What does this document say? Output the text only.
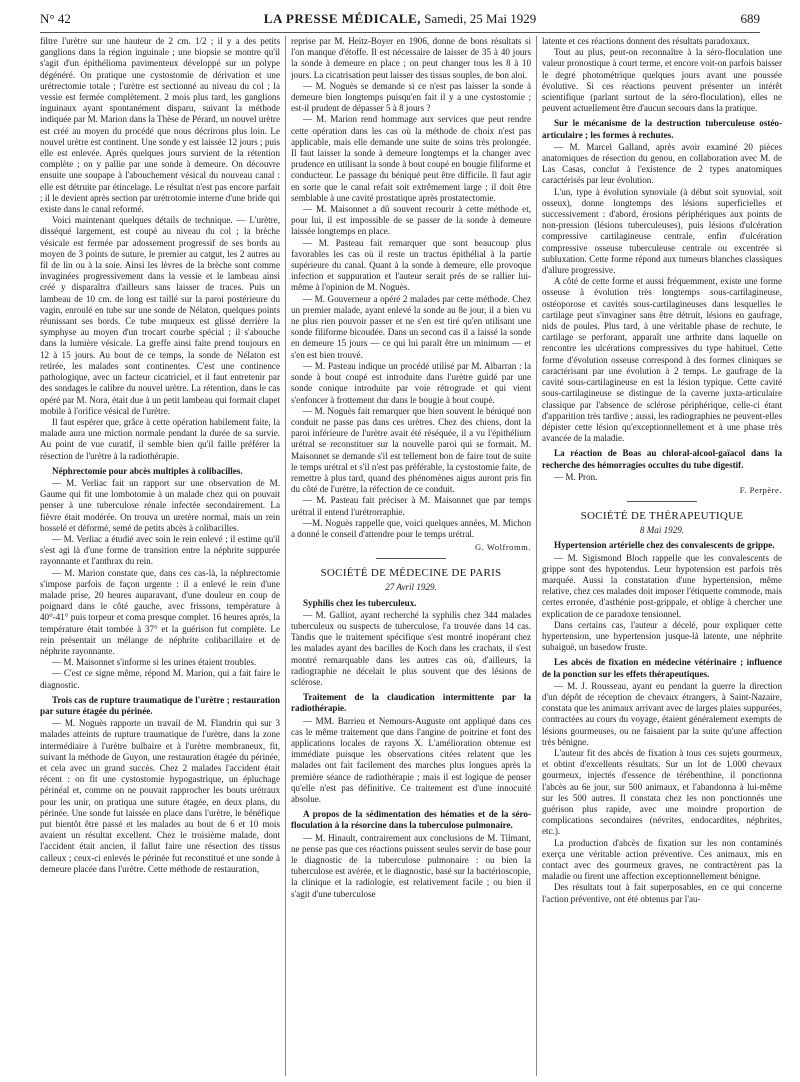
N° 42	LA PRESSE MÉDICALE, Samedi, 25 Mai 1929	689

filtre l'urètre sur une hauteur de 2 cm. 1/2 ; il y a des petits ganglions dans la région inguinale ; une biopsie se montre qu'il s'agit d'un épithélioma pavimenteux développé sur un polype dégénéré. On pratique une cystostomie de dérivation et une urétrectomie totale ; l'urètre est sectionné au niveau du col ; la vessie est fermée complètement. 2 mois plus tard, les ganglions inguinaux ayant spontanément disparu, suivant la méthode indiquée par M. Marion dans la Thèse de Pérard, un nouvel urètre est créé au moyen du procédé que nous décrirons plus loin. Le nouvel urètre est continent. Une sonde y est laissée 12 jours ; puis elle est enlevée. Après quelques jours survient de la rétention complète ; on y pallie par une sonde à demeure. On découvre ensuite une soupape à l'abouchement vésical du nouveau canal : elle est détruite par étincelage. Le résultat n'est pas encore parfait ; il le devient après section par urétrotomie interne d'une bride qui existe dans le canal reformé.

Voici maintenant quelques détails de technique. — L'urètre, disséqué largement, est coupé au niveau du col ; la brèche vésicale est fermée par adossement progressif de ses bords au moyen de 3 points de suture, le premier au catgut, les 2 autres au fil de lin ou à la soie. Ainsi les lèvres de la brèche sont comme invaginées progressivement dans la vessie et le lambeau ainsi créé y disparaîtra d'ailleurs sans laisser de traces. Puis un lambeau de 10 cm. de long est taillé sur la paroi postérieure du vagin, enroulé en tube sur une sonde de Nélaton, quelques points réunissant ses bords. Ce tube muqueux est glissé derrière la symphyse au moyen d'un trocart courbe spécial ; il s'abouche dans la lumière vésicale. La greffe ainsi faite prend toujours en 12 à 15 jours. Au bout de ce temps, la sonde de Nélaton est retirée, les malades sont continentes. C'est une continence pathologique, avec un facteur cicatriciel, et il faut entretenir par des sondages le calibre du nouvel urètre. La rétention, dans le cas opéré par M. Nora, était due à un petit lambeau qui formait clapet mobile à l'orifice vésical de l'urètre.

Il faut espérer que, grâce à cette opération habilement faite, la malade aura une miction normale pendant la durée de sa survie. Au point de vue curatif, il semble bien qu'il faille préférer la résection de l'urètre à la radiothérapie.

Néphrectomie pour abcès multiples à colibacilles.

— M. Verliac fait un rapport sur une observation de M. Gaume qui fit une lombotomie à un malade chez qui on pouvait penser à une tuberculose rénale infectée secondairement. La fièvre était modérée. On trouva un uretère normal, mais un rein bosselé et déformé, semé de petits abcès à colibacilles.

— M. Verliac a étudié avec soin le rein enlevé ; il estime qu'il s'est agi là d'une forme de transition entre la néphrite suppurée rayonnante et l'anthrax du rein.

— M. Marion constate que, dans ces cas-là, la néphrectomie s'impose parfois de façon urgente : il a enlevé le rein d'une malade prise, 20 heures auparavant, d'une douleur en coup de poignard dans le côté gauche, avec frissons, température à 40°-41° puis torpeur et coma presque complet. 16 heures après, la température était tombée à 37° et la guérison fut complète. Le rein présentait un mélange de néphrite colibacillaire et de néphrite rayonnante.

— M. Maisonnet s'informe si les urines étaient troubles.

— C'est ce signe même, répond M. Marion, qui a fait faire le diagnostic.

Trois cas de rupture traumatique de l'urètre ; restauration par suture étagée du périnée.

— M. Noguès rapporte un travail de M. Flandrin qui sur 3 malades atteints de rupture traumatique de l'urètre, dans la zone intermédiaire à l'urètre bulbaire et à l'urètre membraneux, fit, suivant la méthode de Guyon, une restauration étagée du périnée, et cela avec un grand succès. Chez 2 malades l'accident était récent : on fit une cystostomie hypogastrique, un épluchage périnéal et, comme on ne pouvait rapprocher les bouts urétraux pour les unir, on pratiqua une suture étagée, en deux plans, du périnée. Une sonde fut laissée en place dans l'urètre, le bénéfique put bientôt être passé et les malades au bout de 6 et 10 mois avaient un résultat excellent. Chez le troisième malade, dont l'accident était ancien, il fallut faire une résection des tissus calleux ; ceux-ci enlevés le périnée fut reconstitué et une sonde à demeure placée dans l'urètre. Cette méthode de restauration,

reprise par M. Heitz-Boyer en 1906, donne de bons résultats si l'on manque d'étoffe. Il est nécessaire de laisser de 35 à 40 jours la sonde à demeure en place ; on peut changer tous les 8 à 10 jours. La cicatrisation peut laisser des tissus souples, de bon aloi.

— M. Noguès se demande si ce n'est pas laisser la sonde à demeure bien longtemps puisqu'en fait il y a une cystostomie ; est-il prudent de dépasser 5 à 8 jours ?

— M. Marion rend hommage aux services que peut rendre cette opération dans les cas où la méthode de choix n'est pas applicable, mais elle demande une suite de soins très prolongée. Il faut laisser la sonde à demeure longtemps et la changer avec prudence en utilisant la sonde à bout coupé en bougie filiforme et conducteur. Le passage du béniqué peut être difficile. Il faut agir en sorte que le canal refait soit extrêmement large ; il doit être semblable à une cavité prostatique après prostatectomie.

— M. Maisonnet a dû souvent recourir à cette méthode et, pour lui, il est impossible de se passer de la sonde à demeure laissée longtemps en place.

— M. Pasteau fait remarquer que sont beaucoup plus favorables les cas où il reste un tractus épithélial à la partie supérieure du canal. Quant à la sonde à demeure, elle provoque infection et suppuration et l'auteur serait prés de se rallier lui-même à l'opinion de M. Noguès.

— M. Gouverneur a opéré 2 malades par cette méthode. Chez un premier malade, ayant enlevé la sonde au 8e jour, il a bien vu ne plus rien pouvoir passer et ne s'en est tiré qu'en utilisant une sonde filiforme bicoudée. Dans un second cas il a laissé la sonde en demeure 15 jours — ce qui lui paraît être un minimum — et s'en est bien trouvé.

— M. Pasteau indique un procédé utilisé par M. Albarran : la sonde à bout coupé est introduite dans l'urètre guidé par une sonde conique introduite par voie rétrograde et qui vient s'enfoncer à frottement dur dans le bougie à bout coupé.

— M. Noguès fait remarquer que bien souvent le béniqué non conduit ne passe pas dans ces urètres. Chez des chiens, dont la paroi inférieure de l'urètre avait été réséquée, il a vu l'épithélium urétral se reconstituer sur la nouvelle paroi qui se formait. M. Maisonnet se demande s'il est tellement bon de faire tout de suite le temps urétral et s'il n'est pas préférable, la cystostomie faite, de remettre à plus tard, quand des phénomènes aigus auront pris fin du côté de l'urètre, la réfection de ce conduit.

— M. Pasteau fait préciser à M. Maisonnet que par temps urétral il entend l'urétrorraphie.

—M. Noguès rappelle que, voici quelques années, M. Michon a donné le conseil d'attendre pour le temps urétral.

G. Wolfromm.
SOCIÉTÉ DE MÉDECINE DE PARIS
27 Avril 1929.
Syphilis chez les tuberculeux.

— M. Galliot, ayant recherché la syphilis chez 344 malades tuberculeux ou suspects de tuberculose, l'a trouvée dans 14 cas. Tandis que le traitement spécifique s'est montré inopérant chez les malades ayant des bacilles de Koch dans les crachats, il s'est montré remarquable dans les autres cas où, d'ailleurs, la radiographie ne décelait le plus souvent que des lésions de sclérose.

Traitement de la claudication intermittente par la radiothérapie.

— MM. Barrieu et Nemours-Auguste ont appliqué dans ces cas le même traitement que dans l'angine de poitrine et font des applications locales de rayons X. L'amélioration obtenue est immédiate puisque les observations citées relatent que les malades ont fait facilement des marches plus longues après la première séance de radiothérapie ; mais il est logique de penser qu'elle n'est pas définitive. Ce traitement est d'une innocuité absolue.

A propos de la sédimentation des hématies et de la séro-floculation à la résorcine dans la tuberculose pulmonaire.

— M. Hinault, contrairement aux conclusions de M. Tilmant, ne pense pas que ces réactions puissent seules servir de base pour le diagnostic de la tuberculose pulmonaire : ou bien la tuberculose est avérée, et le diagnostic, basé sur la bactérioscopie, la clinique et la radiologie, est relativement facile ; ou bien il s'agit d'une tuberculose

latente et ces réactions donnent des résultats paradoxaux.

Tout au plus, peut-on reconnaître à la séro-floculation une valeur pronostique à court terme, et encore voit-on parfois baisser le degré photométrique quelques jours avant une poussée évolutive. Si ces réactions peuvent présenter un intérêt scientifique (parlant surtout de la séro-floculation), elles ne peuvent actuellement être d'aucun secours dans la pratique.

Sur le mécanisme de la destruction tuberculeuse ostéo-articulaire ; les formes à rechutes.

— M. Marcel Galland, après avoir examiné 20 pièces anatomiques de résection du genou, en collaboration avec M. de Las Casas, conclut à l'existence de 2 types anatomiques caractérisés par leur évolution.

L'un, type à évolution synoviale (à début soit synovial, soit osseux), donne longtemps des lésions superficielles et successivement : d'abord, érosions périphériques aux points de non-pression (lésions tuberculeuses), puis lésions d'ulcération compressive cartilagineuse centrale, enfin d'ulcération compressive osseuse tuberculeuse centrale ou excentrée si subluxation. Cette forme répond aux tumeurs blanches classiques d'allure progressive.

A côté de cette forme et aussi fréquemment, existe une forme osseuse à évolution très longtemps sous-cartilagineuse, ostéoporose et cavités sous-cartilagineuses dans lesquelles le cartilage peut s'invaginer sans être détruit, lésions en gaufrage, nids de poules. Plus tard, à une véritable phase de rechute, le cartilage se perforant, apparaît une arthrite dans laquelle on rencontre les ulcérations compressives du type habituel. Cette forme d'évolution osseuse correspond à des formes cliniques se caractérisant par une évolution à 2 temps. Le gaufrage de la cavité sous-cartilagineuse en est la lésion typique. Cette cavité sous-cartilagineuse se distingue de la caverne juxta-articulaire classique par l'absence de sclérose périphérique, celle-ci étant d'apparition très tardive ; aussi, les radiographies ne peuvent-elles dépister cette lésion qu'exceptionnellement et à une phase très avancée de la maladie.

La réaction de Boas au chloral-alcool-gaïacol dans la recherche des hémorragies occultes du tube digestif.

— M. Pron.

F. Perpère.
SOCIÉTÉ DE THÉRAPEUTIQUE
8 Mai 1929.
Hypertension artérielle chez des convalescents de grippe.

— M. Sigismond Bloch rappelle que les convalescents de grippe sont des hypotendus. Leur hypotension est parfois très marquée. Aussi la constatation d'une hypertension, même relative, chez ces malades doit imposer l'étiquette commode, mais certes erronée, d'asthénie post-grippale, et oblige à chercher une explication de ce paradoxe tensionnel.

Dans certains cas, l'auteur a décelé, pour expliquer cette hypertension, une hypertension jusque-là latente, une néphrite subaiguë, un basedow fruste.

Les abcès de fixation en médecine vétérinaire ; influence de la ponction sur les effets thérapeutiques.

— M. J. Rousseau, ayant eu pendant la guerre la direction d'un dépôt de réception de chevaux étrangers, à Saint-Nazaire, constata que les animaux arrivant avec de larges plaies suppurées, contractées au cours du voyage, étaient généralement exempts de lésions gourmeuses, ou ne faisaient par la suite qu'une affection très bénigne.

L'auteur fit des abcès de fixation à tous ces sujets gourmeux, et obtint d'excellents résultats. Sur un lot de 1.000 chevaux gourmeux, injectés d'essence de térébenthine, il ponctionna l'abcès au 6e jour, sur 500 animaux, et l'abandonna à lui-même sur les 500 autres. Il constata chez les non ponctionnés une guérison plus rapide, avec une moindre proportion de complications secondaires (névrites, endocardites, néphrites, etc.).

La production d'abcès de fixation sur les non contaminés exerça une véritable action préventive. Ces animaux, mis en contact avec des gourmeux graves, ne contractèrent pas la maladie ou firent une affection exceptionnellement bénigne.

Des résultats tout à fait superposables, en ce qui concerne l'action préventive, ont été obtenus par l'au-
